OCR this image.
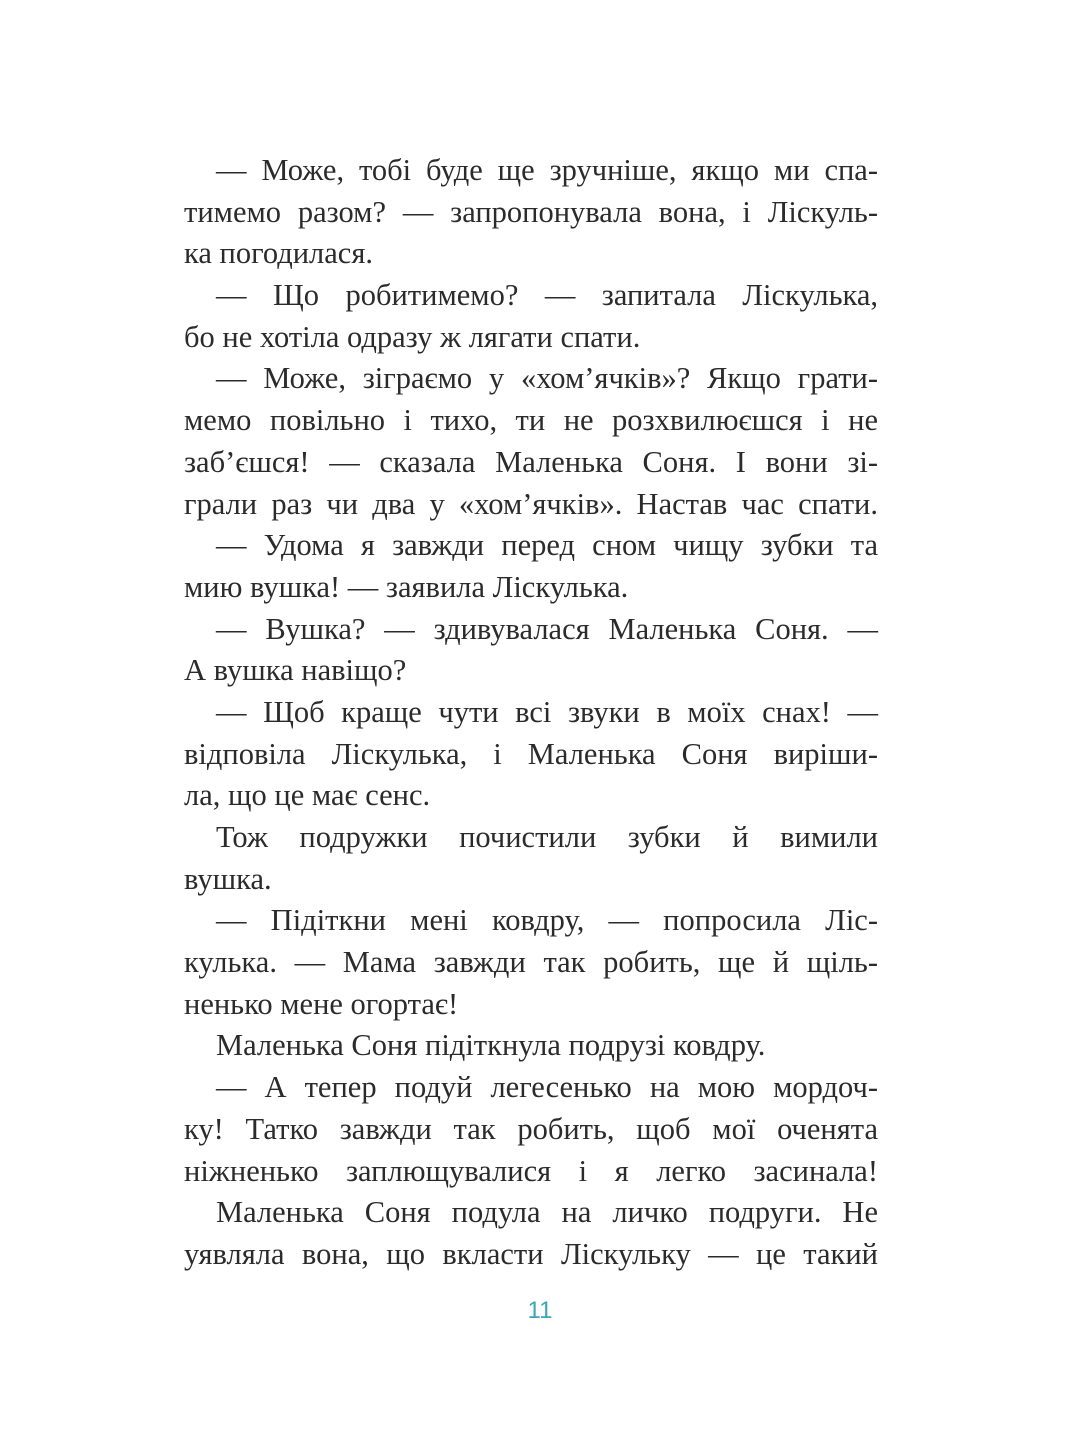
— Може, тобі буде ще зручніше, якщо ми спа-
тимемо разом? — запропонувала вона, і Ліскуль-
ка погодилася.
— Що робитимемо? — запитала Ліскулька,
бо не хотіла одразу ж лягати спати.
— Може, зіграємо у «хом’ячків»? Якщо грати-
мемо повільно і тихо, ти не розхвилюєшся і не
заб’єшся! — сказала Маленька Соня. І вони зі-
грали раз чи два у «хом’ячків». Настав час спати.
— Удома я завжди перед сном чищу зубки та
мию вушка! — заявила Ліскулька.
— Вушка? — здивувалася Маленька Соня. —
А вушка навіщо?
— Щоб краще чути всі звуки в моїх снах! —
відповіла Ліскулька, і Маленька Соня виріши-
ла, що це має сенс.
Тож подружки почистили зубки й вимили
вушка.
— Підіткни мені ковдру, — попросила Ліс-
кулька. — Мама завжди так робить, ще й щіль-
ненько мене огортає!
Маленька Соня підіткнула подрузі ковдру.
— А тепер подуй легесенько на мою мордоч-
ку! Татко завжди так робить, щоб мої оченята
ніжненько заплющувалися і я легко засинала!
Маленька Соня подула на личко подруги. Не
уявляла вона, що вкласти Ліскульку — це такий
11
